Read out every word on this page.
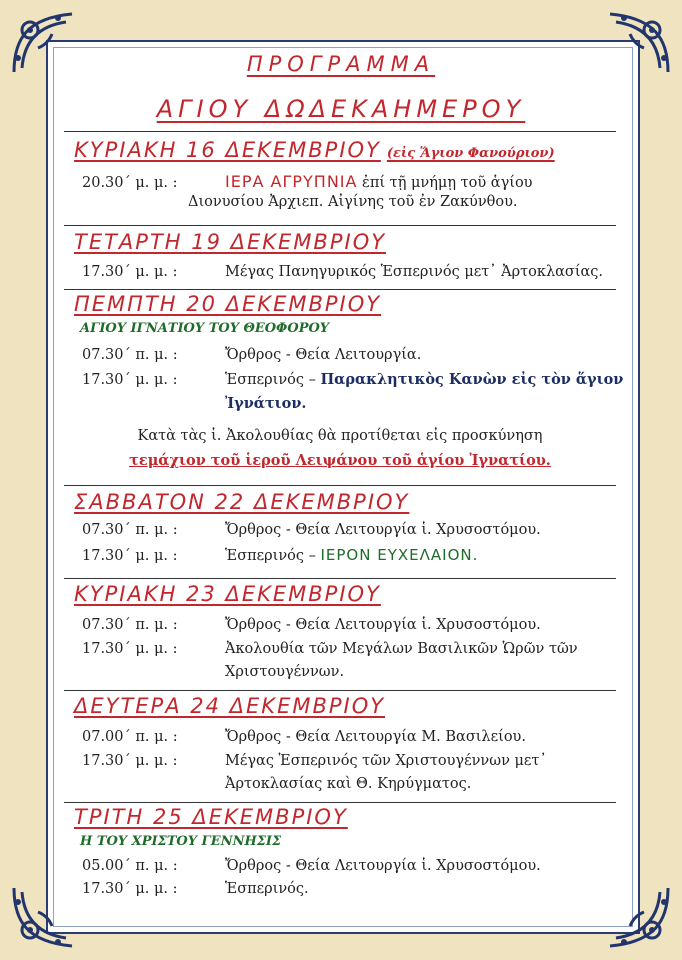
ΠΡΟΓΡΑΜΜΑ
ΑΓΙΟΥ ΔΩΔΕΚΑΗΜΕΡΟΥ
ΚΥΡΙΑΚΗ 16 ΔΕΚΕΜΒΡΙΟΥ (εἰς Ἅγιον Φανούριον)
20.30΄ μ. μ. :	ΙΕΡΑ ΑΓΡΥΠΝΙΑ ἐπί τῇ μνήμῃ τοῦ ἁγίου
Διονυσίου Ἀρχιεπ. Αἰγίνης τοῦ ἐν Ζακύνθου.
ΤΕΤΑΡΤΗ 19 ΔΕΚΕΜΒΡΙΟΥ
17.30΄ μ. μ. :	Μέγας Πανηγυρικός Ἑσπερινός μετ᾿ Ἀρτοκλασίας.
ΠΕΜΠΤΗ 20 ΔΕΚΕΜΒΡΙΟΥ
ΑΓΙΟΥ ΙΓΝΑΤΙΟΥ ΤΟΥ ΘΕΟΦΟΡΟΥ
07.30΄ π. μ. :	Ὄρθρος - Θεία Λειτουργία.
17.30΄ μ. μ. :	Ἑσπερινός – Παρακλητικὸς Κανὼν εἰς τὸν ἅγιον
Ἰγνάτιον.
Κατὰ τὰς ἱ. Ἀκολουθίας θὰ προτίθεται εἰς προσκύνηση
τεμάχιον τοῦ ἱεροῦ Λειψάνου τοῦ ἁγίου Ἰγνατίου.
ΣΑΒΒΑΤΟΝ 22 ΔΕΚΕΜΒΡΙΟΥ
07.30΄ π. μ. :	Ὄρθρος - Θεία Λειτουργία ἱ. Χρυσοστόμου.
17.30΄ μ. μ. :	Ἑσπερινός – ΙΕΡΟΝ ΕΥΧΕΛΑΙΟΝ.
ΚΥΡΙΑΚΗ 23 ΔΕΚΕΜΒΡΙΟΥ
07.30΄ π. μ. :	Ὄρθρος - Θεία Λειτουργία ἱ. Χρυσοστόμου.
17.30΄ μ. μ. :	Ἀκολουθία τῶν Μεγάλων Βασιλικῶν Ὡρῶν τῶν
Χριστουγέννων.
ΔΕΥΤΕΡΑ 24 ΔΕΚΕΜΒΡΙΟΥ
07.00΄ π. μ. :	Ὄρθρος - Θεία Λειτουργία Μ. Βασιλείου.
17.30΄ μ. μ. :	Μέγας Ἑσπερινός τῶν Χριστουγέννων μετ᾿
Ἀρτοκλασίας καὶ Θ. Κηρύγματος.
ΤΡΙΤΗ 25 ΔΕΚΕΜΒΡΙΟΥ
Η ΤΟΥ ΧΡΙΣΤΟΥ ΓΕΝΝΗΣΙΣ
05.00΄ π. μ. :	Ὄρθρος - Θεία Λειτουργία ἱ. Χρυσοστόμου.
17.30΄ μ. μ. :	Ἑσπερινός.
